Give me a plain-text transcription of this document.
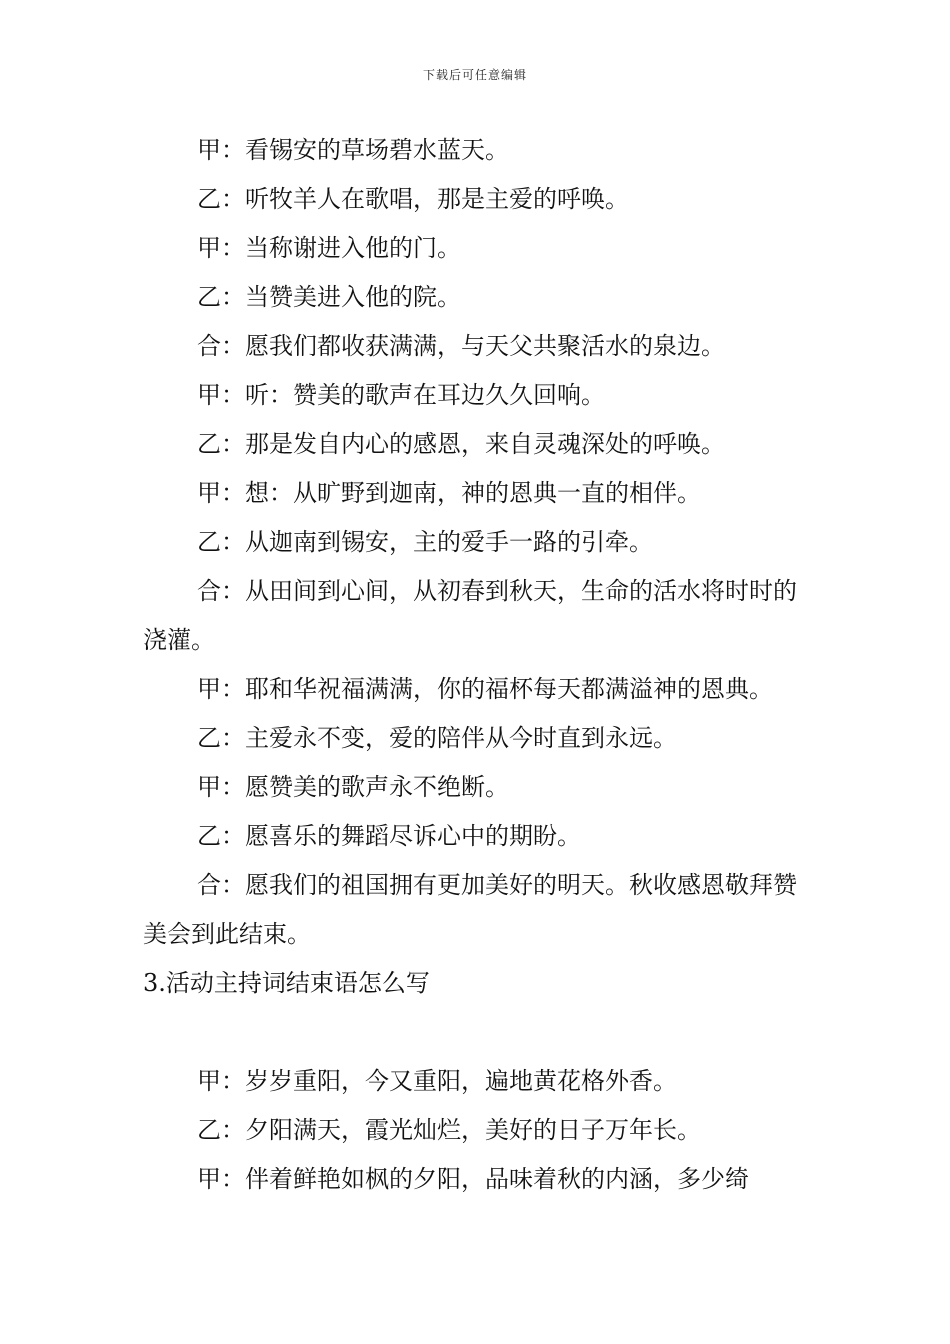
下载后可任意编辑

甲：看锡安的草场碧水蓝天。

乙：听牧羊人在歌唱，那是主爱的呼唤。

甲：当称谢进入他的门。

乙：当赞美进入他的院。

合：愿我们都收获满满，与天父共聚活水的泉边。

甲：听：赞美的歌声在耳边久久回响。

乙：那是发自内心的感恩，来自灵魂深处的呼唤。

甲：想：从旷野到迦南，神的恩典一直的相伴。

乙：从迦南到锡安，主的爱手一路的引牵。

合：从田间到心间，从初春到秋天，生命的活水将时时的浇灌。

甲：耶和华祝福满满，你的福杯每天都满溢神的恩典。

乙：主爱永不变，爱的陪伴从今时直到永远。

甲：愿赞美的歌声永不绝断。

乙：愿喜乐的舞蹈尽诉心中的期盼。

合：愿我们的祖国拥有更加美好的明天。秋收感恩敬拜赞美会到此结束。

3.活动主持词结束语怎么写

甲：岁岁重阳，今又重阳，遍地黄花格外香。

乙：夕阳满天，霞光灿烂，美好的日子万年长。

甲：伴着鲜艳如枫的夕阳，品味着秋的内涵，多少绮
